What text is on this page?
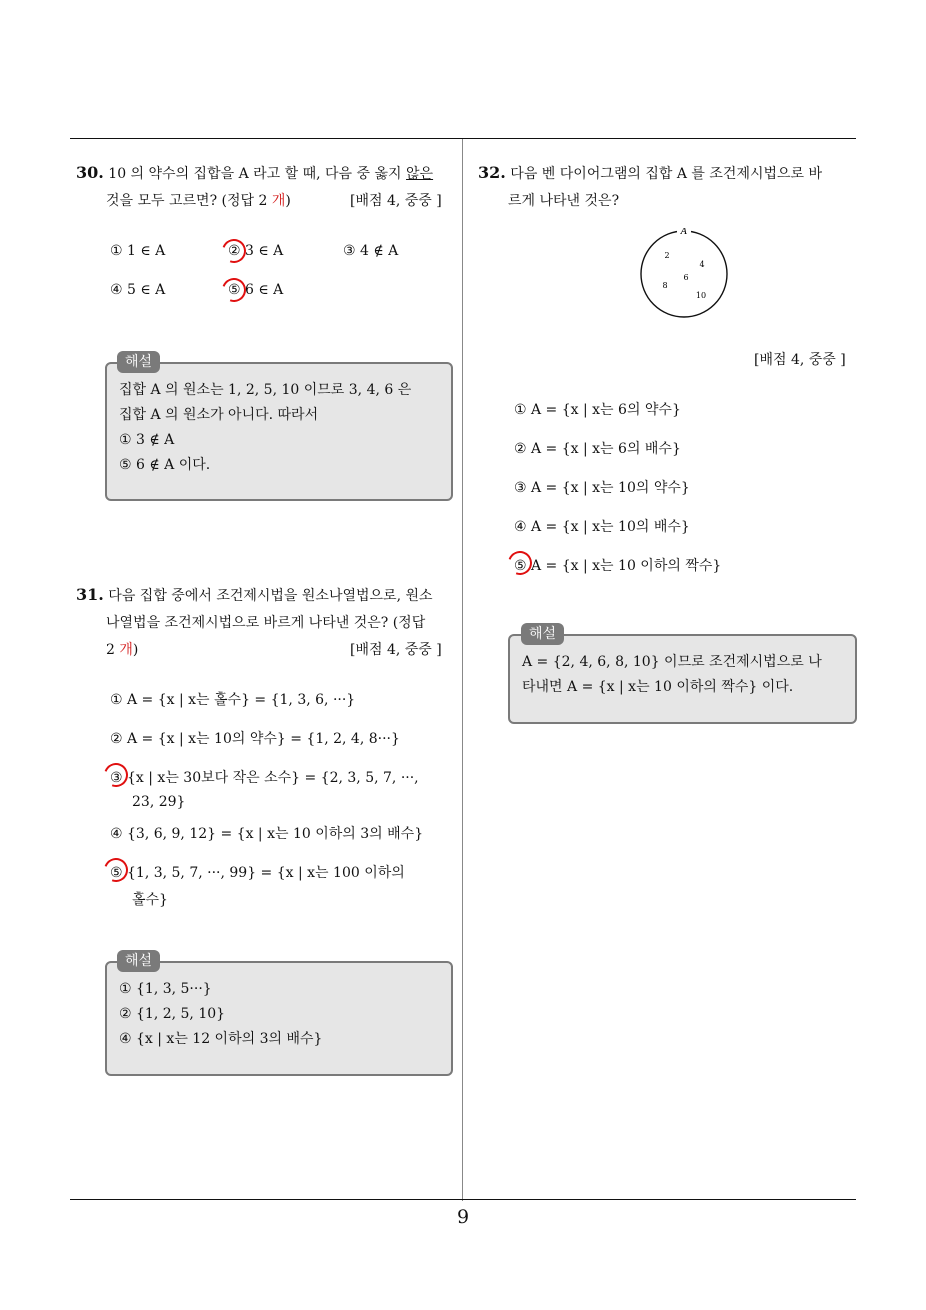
9
30. 10 의 약수의 집합을 A 라고 할 때, 다음 중 옳지 않은
것을 모두 고르면? (정답 2 개)	[배점 4, 중중 ]
① 1 ∈ A	② 3 ∈ A	③ 4 ∉ A
④ 5 ∈ A	⑤ 6 ∈ A
집합 A 의 원소는 1, 2, 5, 10 이므로 3, 4, 6 은
집합 A 의 원소가 아니다. 따라서
① 3 ∉ A
⑤ 6 ∉ A 이다.
해설
31. 다음 집합 중에서 조건제시법을 원소나열법으로, 원소
나열법을 조건제시법으로 바르게 나타낸 것은? (정답
2 개)	[배점 4, 중중 ]
① A = {x | x는 홀수} = {1, 3, 6, ···}
② A = {x | x는 10의 약수} = {1, 2, 4, 8···}
③ {x | x는 30보다 작은 소수} = {2, 3, 5, 7, ···,
23, 29}
④ {3, 6, 9, 12} = {x | x는 10 이하의 3의 배수}
⑤ {1, 3, 5, 7, ···, 99} = {x | x는 100 이하의
홀수}
① {1, 3, 5···}
② {1, 2, 5, 10}
④ {x | x는 12 이하의 3의 배수}
해설
32. 다음 벤 다이어그램의 집합 A 를 조건제시법으로 바
르게 나타낸 것은?
A
2
4
6
8
10
[배점 4, 중중 ]
① A = {x | x는 6의 약수}
② A = {x | x는 6의 배수}
③ A = {x | x는 10의 약수}
④ A = {x | x는 10의 배수}
⑤ A = {x | x는 10 이하의 짝수}
A = {2, 4, 6, 8, 10} 이므로 조건제시법으로 나
타내면 A = {x | x는 10 이하의 짝수} 이다.
해설
